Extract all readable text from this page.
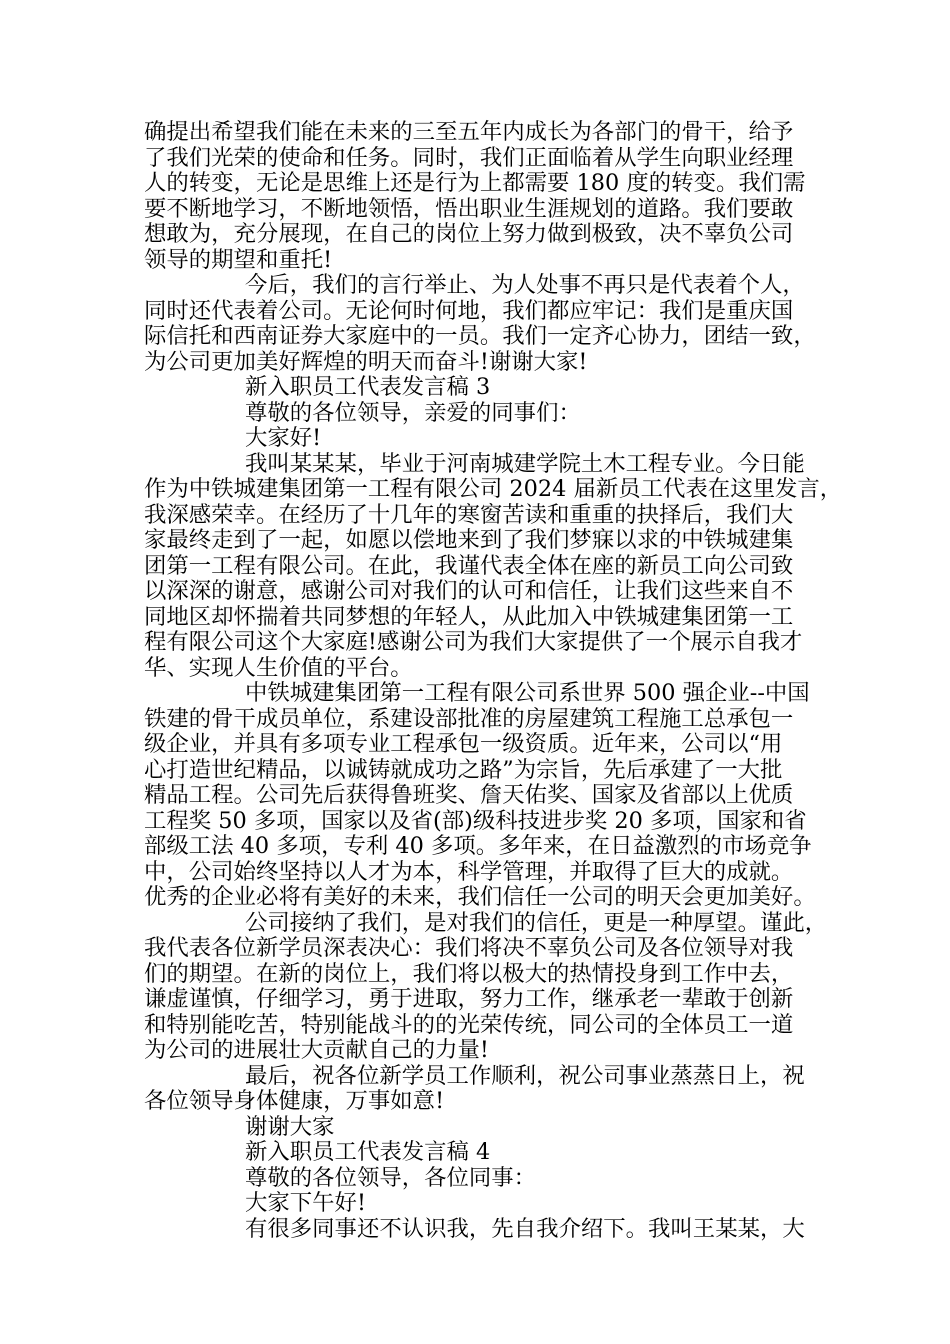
确提出希望我们能在未来的三至五年内成长为各部门的骨干，给予
了我们光荣的使命和任务。同时，我们正面临着从学生向职业经理
人的转变，无论是思维上还是行为上都需要 180 度的转变。我们需
要不断地学习，不断地领悟，悟出职业生涯规划的道路。我们要敢
想敢为，充分展现，在自己的岗位上努力做到极致，决不辜负公司
领导的期望和重托!
今后，我们的言行举止、为人处事不再只是代表着个人，
同时还代表着公司。无论何时何地，我们都应牢记：我们是重庆国
际信托和西南证券大家庭中的一员。我们一定齐心协力，团结一致，
为公司更加美好辉煌的明天而奋斗!谢谢大家!
新入职员工代表发言稿 3
尊敬的各位领导，亲爱的同事们：
大家好!
我叫某某某，毕业于河南城建学院土木工程专业。今日能
作为中铁城建集团第一工程有限公司 2024 届新员工代表在这里发言，
我深感荣幸。在经历了十几年的寒窗苦读和重重的抉择后，我们大
家最终走到了一起，如愿以偿地来到了我们梦寐以求的中铁城建集
团第一工程有限公司。在此，我谨代表全体在座的新员工向公司致
以深深的谢意，感谢公司对我们的认可和信任，让我们这些来自不
同地区却怀揣着共同梦想的年轻人，从此加入中铁城建集团第一工
程有限公司这个大家庭!感谢公司为我们大家提供了一个展示自我才
华、实现人生价值的平台。
中铁城建集团第一工程有限公司系世界 500 强企业--中国
铁建的骨干成员单位，系建设部批准的房屋建筑工程施工总承包一
级企业，并具有多项专业工程承包一级资质。近年来，公司以“用
心打造世纪精品，以诚铸就成功之路”为宗旨，先后承建了一大批
精品工程。公司先后获得鲁班奖、詹天佑奖、国家及省部以上优质
工程奖 50 多项，国家以及省(部)级科技进步奖 20 多项，国家和省
部级工法 40 多项，专利 40 多项。多年来，在日益激烈的市场竞争
中，公司始终坚持以人才为本，科学管理，并取得了巨大的成就。
优秀的企业必将有美好的未来，我们信任一公司的明天会更加美好。
公司接纳了我们，是对我们的信任，更是一种厚望。谨此，
我代表各位新学员深表决心：我们将决不辜负公司及各位领导对我
们的期望。在新的岗位上，我们将以极大的热情投身到工作中去，
谦虚谨慎，仔细学习，勇于进取，努力工作，继承老一辈敢于创新
和特别能吃苦，特别能战斗的的光荣传统，同公司的全体员工一道
为公司的进展壮大贡献自己的力量!
最后，祝各位新学员工作顺利，祝公司事业蒸蒸日上，祝
各位领导身体健康，万事如意!
谢谢大家
新入职员工代表发言稿 4
尊敬的各位领导，各位同事：
大家下午好!
有很多同事还不认识我，先自我介绍下。我叫王某某，大
